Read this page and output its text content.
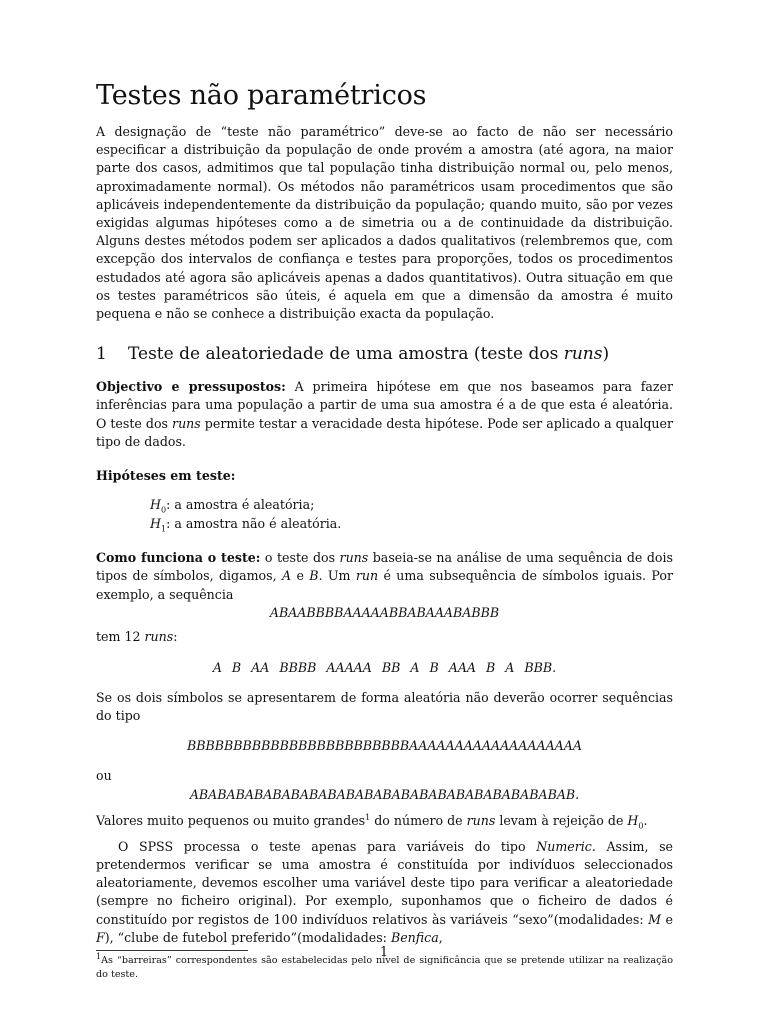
Testes não paramétricos

A designação de “teste não paramétrico” deve-se ao facto de não ser necessário especificar a distribuição da população de onde provém a amostra (até agora, na maior parte dos casos, admitimos que tal população tinha distribuição normal ou, pelo menos, aproximadamente normal). Os métodos não paramétricos usam procedimentos que são aplicáveis independentemente da distribuição da população; quando muito, são por vezes exigidas algumas hipóteses como a de simetria ou a de continuidade da distribuição. Alguns destes métodos podem ser aplicados a dados qualitativos (relembremos que, com excepção dos intervalos de confiança e testes para proporções, todos os procedimentos estudados até agora são aplicáveis apenas a dados quantitativos). Outra situação em que os testes paramétricos são úteis, é aquela em que a dimensão da amostra é muito pequena e não se conhece a distribuição exacta da população.

1 Teste de aleatoriedade de uma amostra (teste dos runs)

Objectivo e pressupostos: A primeira hipótese em que nos baseamos para fazer inferências para uma população a partir de uma sua amostra é a de que esta é aleatória. O teste dos runs permite testar a veracidade desta hipótese. Pode ser aplicado a qualquer tipo de dados.

Hipóteses em teste:

$H_0$: a amostra é aleatória;
$H_1$: a amostra não é aleatória.

Como funciona o teste: o teste dos runs baseia-se na análise de uma sequência de dois tipos de símbolos, digamos, A e B. Um run é uma subsequência de símbolos iguais. Por exemplo, a sequência

ABAABBBBAAAAABBABAAABABBB

tem 12 runs:

A B AA BBBB AAAAA BB A B AAA B A BBB.

Se os dois símbolos se apresentarem de forma aleatória não deverão ocorrer sequências do tipo

BBBBBBBBBBBBBBBBBBBBBBBBAAAAAAAAAAAAAAAAAAA

ou

ABABABABABABABABABABABABABABABABABABABABAB.

Valores muito pequenos ou muito grandes$^1$ do número de runs levam à rejeição de $H_0$.

O SPSS processa o teste apenas para variáveis do tipo Numeric. Assim, se pretendermos verificar se uma amostra é constituída por indivíduos seleccionados aleatoriamente, devemos escolher uma variável deste tipo para verificar a aleatoriedade (sempre no ficheiro original). Por exemplo, suponhamos que o ficheiro de dados é constituído por registos de 100 indivíduos relativos às variáveis “sexo”(modalidades: M e F), “clube de futebol preferido”(modalidades: Benfica,

$^1$As “barreiras” correspondentes são estabelecidas pelo nível de significância que se pretende utilizar na realização do teste.

1
